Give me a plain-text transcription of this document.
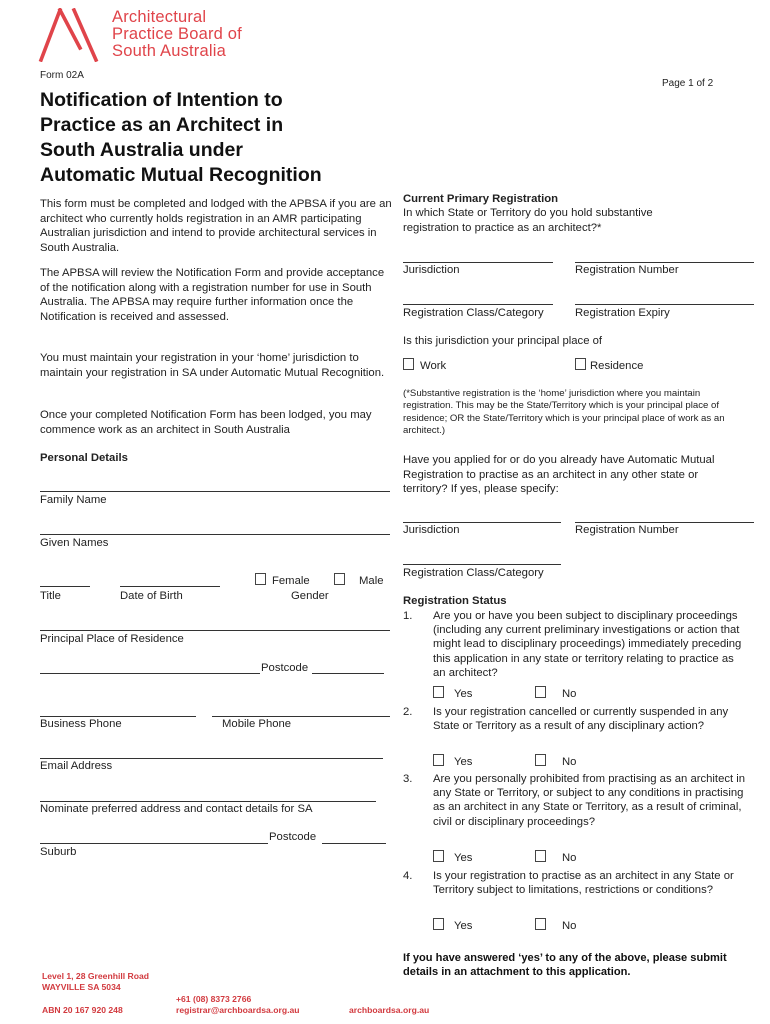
Architectural
Practice Board of
South Australia
Form 02A
Page 1 of 2
Notification of Intention to
Practice as an Architect in
South Australia under
Automatic Mutual Recognition
This form must be completed and lodged with the APBSA if you are an architect who currently holds registration in an AMR participating Australian jurisdiction and intend to provide architectural services in South Australia.
The APBSA will review the Notification Form and provide acceptance of the notification along with a registration number for use in South Australia. The APBSA may require further information once the Notification is received and assessed.
You must maintain your registration in your ‘home’ jurisdiction to maintain your registration in SA under Automatic Mutual Recognition.
Once your completed Notification Form has been lodged, you may commence work as an architect in South Australia
Personal Details
Family Name
Given Names
Title	Date of Birth
Female	Male
Gender
Principal Place of Residence
Postcode
Business Phone	Mobile Phone
Email Address
Nominate preferred address and contact details for SA
Postcode
Suburb
Current Primary Registration
In which State or Territory do you hold substantive registration to practice as an architect?*
Jurisdiction	Registration Number
Registration Class/Category	Registration Expiry
Is this jurisdiction your principal place of
Work	Residence
(*Substantive registration is the ‘home’ jurisdiction where you maintain registration. This may be the State/Territory which is your principal place of residence; OR the State/Territory which is your principal place of work as an architect.)
Have you applied for or do you already have Automatic Mutual Registration to practise as an architect in any other state or territory? If yes, please specify:
Jurisdiction	Registration Number
Registration Class/Category
Registration Status
1. Are you or have you been subject to disciplinary proceedings (including any current preliminary investigations or action that might lead to disciplinary proceedings) immediately preceding this application in any state or territory relating to practice as an architect?
Yes	No
2. Is your registration cancelled or currently suspended in any State or Territory as a result of any disciplinary action?
Yes	No
3. Are you personally prohibited from practising as an architect in any State or Territory, or subject to any conditions in practising as an architect in any State or Territory, as a result of criminal, civil or disciplinary proceedings?
Yes	No
4. Is your registration to practise as an architect in any State or Territory subject to limitations, restrictions or conditions?
Yes	No
If you have answered ‘yes’ to any of the above, please submit details in an attachment to this application.
Level 1, 28 Greenhill Road
WAYVILLE SA 5034
ABN 20 167 920 248
+61 (08) 8373 2766
registrar@archboardsa.org.au	archboardsa.org.au
